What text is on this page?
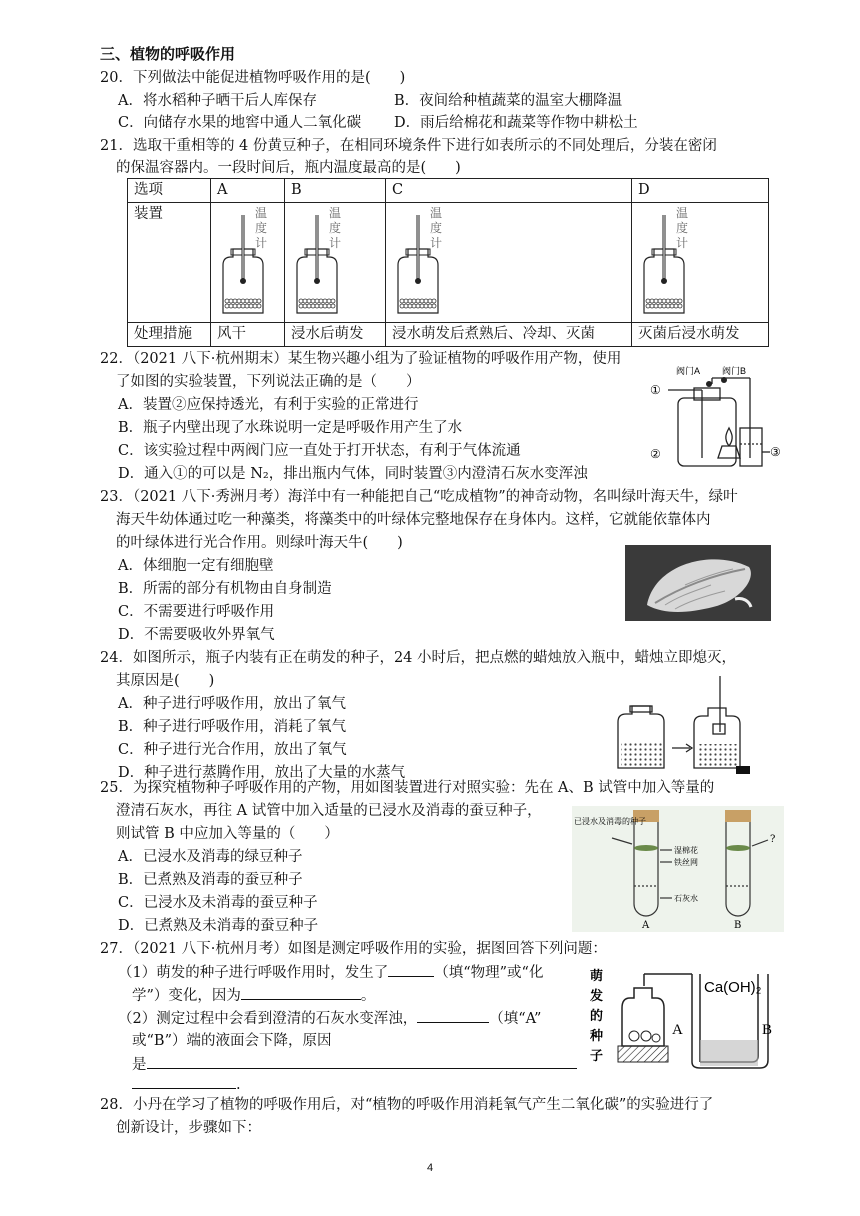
三、植物的呼吸作用
20．下列做法中能促进植物呼吸作用的是(　　)
A．将水稻种子晒干后人库保存	B．夜间给种植蔬菜的温室大棚降温
C．向储存水果的地窖中通人二氧化碳 D．雨后给棉花和蔬菜等作物中耕松土
21．选取干重相等的 4 份黄豆种子，在相同环境条件下进行如表所示的不同处理后，分装在密闭
的保温容器内。一段时间后，瓶内温度最高的是(　　)
选项	A	B	C	D
装置	温
度
计	温
度
计	温
度
计	温
度
计

处理措施	风干	浸水后萌发	浸水萌发后煮熟后、冷却、灭菌	灭菌后浸水萌发
22．（2021 八下·杭州期末）某生物兴趣小组为了验证植物的呼吸作用产物，使用
了如图的实验装置，下列说法正确的是（　　）
A．装置②应保持透光，有利于实验的正常进行
B．瓶子内壁出现了水珠说明一定是呼吸作用产生了水
C．该实验过程中两阀门应一直处于打开状态，有利于气体流通
D．通入①的可以是 N₂，排出瓶内气体，同时装置③内澄清石灰水变浑浊
阀门A 阀门B
①
②	③
23．（2021 八下·秀洲月考）海洋中有一种能把自己“吃成植物”的神奇动物，名叫绿叶海天牛，绿叶
海天牛幼体通过吃一种藻类，将藻类中的叶绿体完整地保存在身体内。这样，它就能依靠体内
的叶绿体进行光合作用。则绿叶海天牛(　　)
A．体细胞一定有细胞壁
B．所需的部分有机物由自身制造
C．不需要进行呼吸作用
D．不需要吸收外界氧气
24．如图所示，瓶子内装有正在萌发的种子，24 小时后，把点燃的蜡烛放入瓶中，蜡烛立即熄灭，
其原因是(　　)
A．种子进行呼吸作用，放出了氧气
B．种子进行呼吸作用，消耗了氧气
C．种子进行光合作用，放出了氧气
D．种子进行蒸腾作用，放出了大量的水蒸气
25．为探究植物种子呼吸作用的产物，用如图装置进行对照实验：先在 A、B 试管中加入等量的
澄清石灰水，再往 A 试管中加入适量的已浸水及消毒的蚕豆种子，
则试管 B 中应加入等量的（　　）
A．已浸水及消毒的绿豆种子
B．已煮熟及消毒的蚕豆种子
C．已浸水及未消毒的蚕豆种子
D．已煮熟及未消毒的蚕豆种子
已浸水及消毒的种子
湿棉花
铁丝网
石灰水
?
A	B
27．（2021 八下·杭州月考）如图是测定呼吸作用的实验，据图回答下列问题：
（1）萌发的种子进行呼吸作用时，发生了	（填“物理”或“化
学”）变化，因为	。
（2）测定过程中会看到澄清的石灰水变浑浊，	（填“A”
或“B”）端的液面会下降，原因
是
.
萌
发
的
种
子
A	B
Ca(OH)₂
28．小丹在学习了植物的呼吸作用后，对“植物的呼吸作用消耗氧气产生二氧化碳”的实验进行了
创新设计，步骤如下：
4
